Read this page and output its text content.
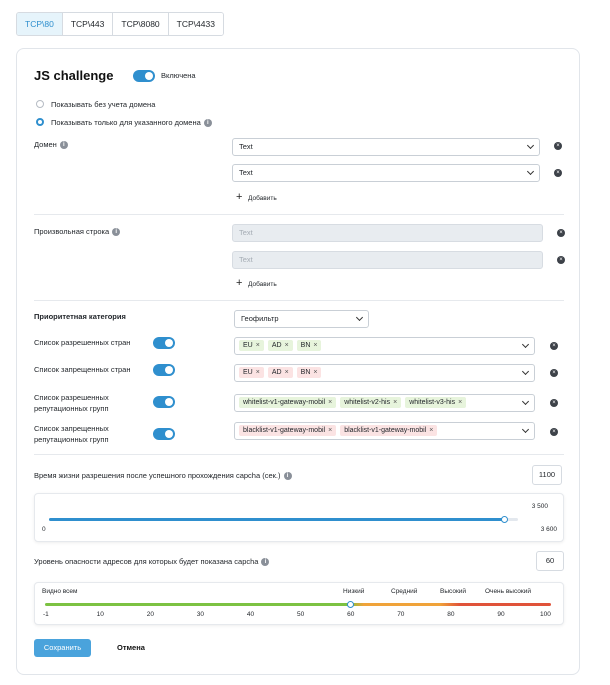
TCP\80	TCP\443	TCP\8080	TCP\4433
JS challenge	Включена
Показывать без учета домена
Показывать только для указанного домена i
Домен i	Text	×
Text	×
+ Добавить
Произвольная строка i	Text	×
Text	×
+ Добавить
Приоритетная категория	Геофильтр
Список разрешенных стран	EU × AD × BN ×	×
Список запрещенных стран	EU × AD × BN ×	×
Список разрешенных
репутационных групп
whitelist-v1-gateway-mobil × whitelist-v2-his × whitelist-v3-his ×	×
Список запрещенных
репутационных групп
blacklist-v1-gateway-mobil × blacklist-v1-gateway-mobil ×	×
Время жизни разрешения после успешного прохождения capcha (сек.) i	1100
3 500
0	3 600
Уровень опасности адресов для которых будет показана capcha i	60
Видно всем	Низкий	Средний	Высокий	Очень высокий
-1	10	20	30	40	50	60	70	80	90	100
Сохранить	Отмена
